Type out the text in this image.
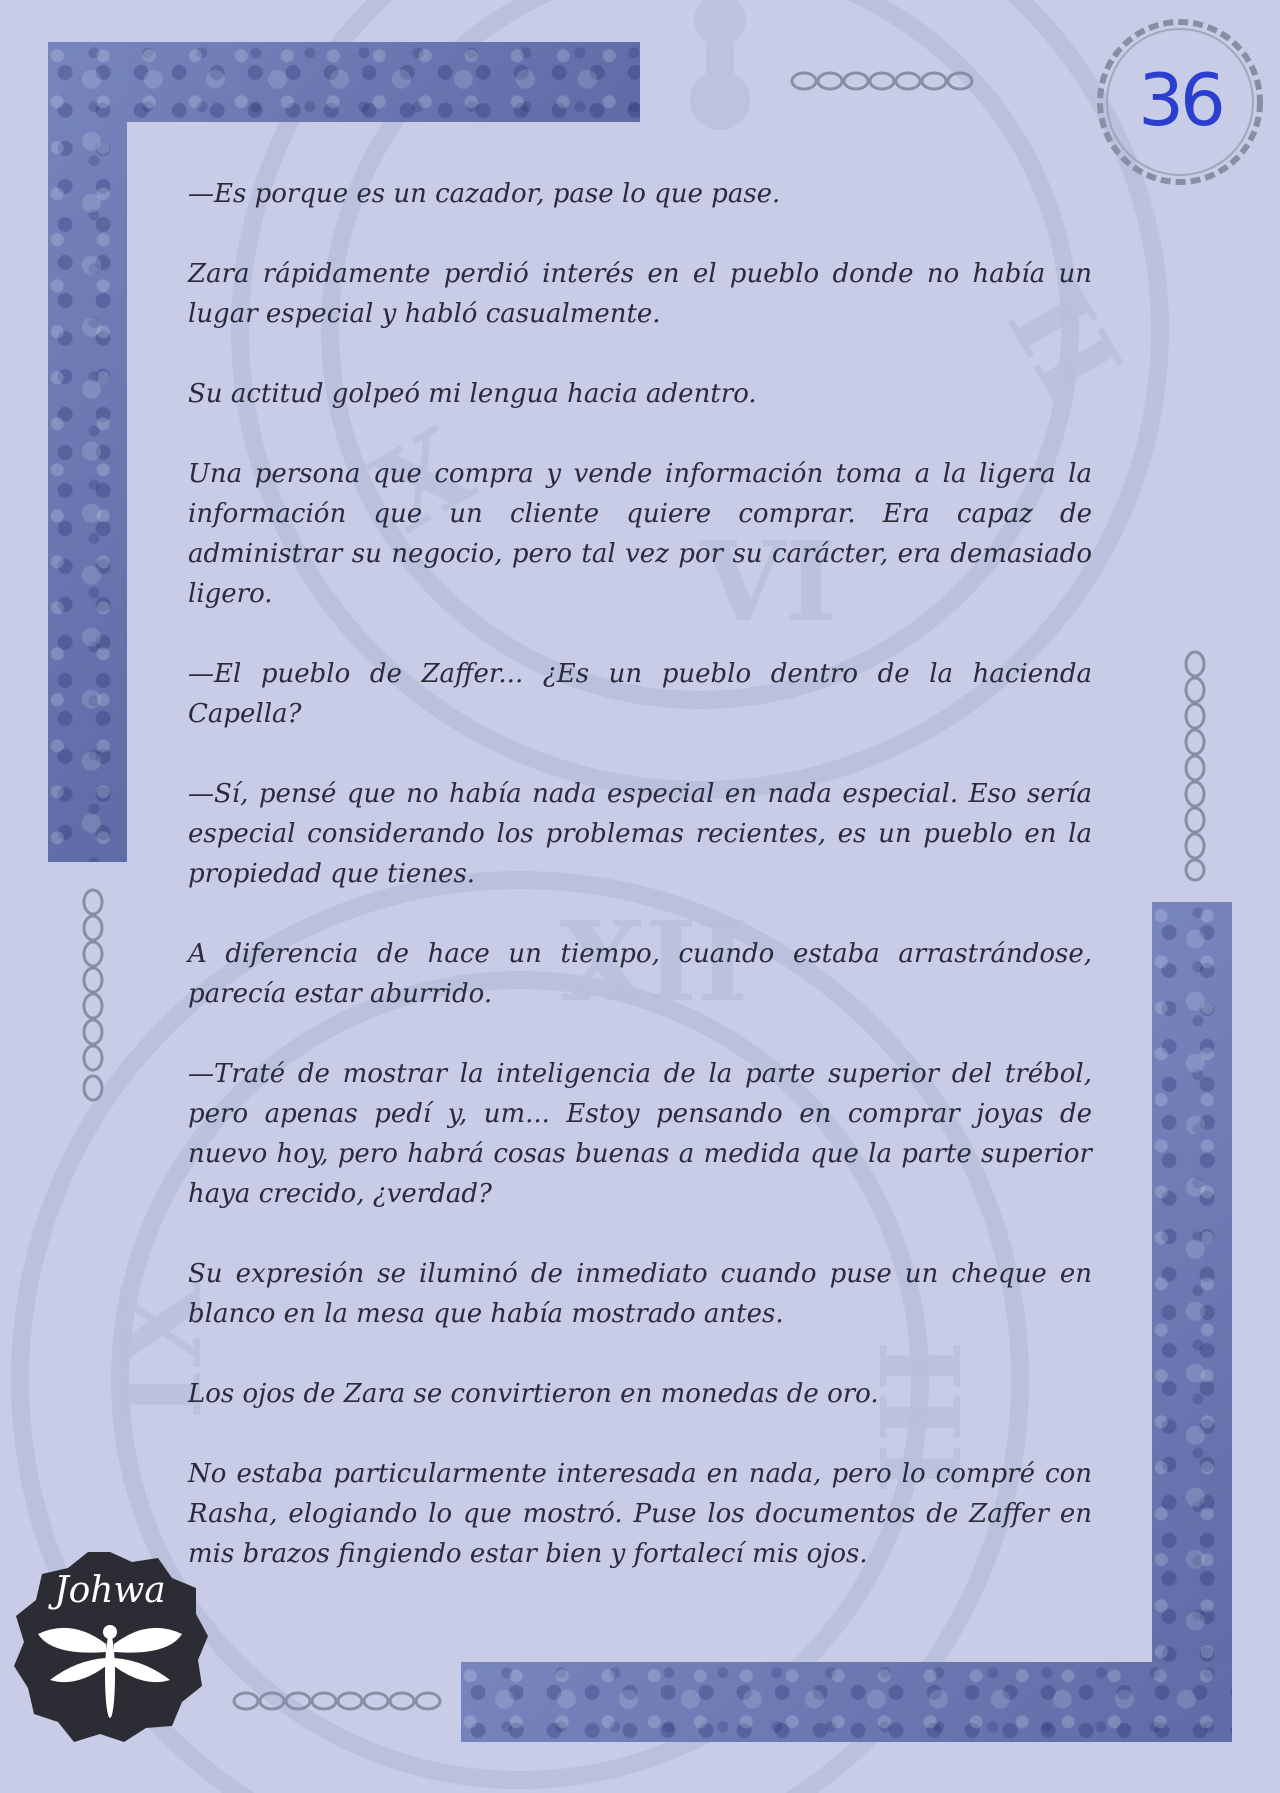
II
X
VI
IX
XII
III
36
Johwa

—Es porque es un cazador, pase lo que pase.

Zara rápidamente perdió interés en el pueblo donde no había un lugar especial y habló casualmente.

Su actitud golpeó mi lengua hacia adentro.

Una persona que compra y vende información toma a la ligera la información que un cliente quiere comprar. Era capaz de administrar su negocio, pero tal vez por su carácter, era demasiado ligero.

—El pueblo de Zaffer... ¿Es un pueblo dentro de la hacienda Capella?

—Sí, pensé que no había nada especial en nada especial. Eso sería especial considerando los problemas recientes, es un pueblo en la propiedad que tienes.

A diferencia de hace un tiempo, cuando estaba arrastrándose, parecía estar aburrido.

—Traté de mostrar la inteligencia de la parte superior del trébol, pero apenas pedí y, um... Estoy pensando en comprar joyas de nuevo hoy, pero habrá cosas buenas a medida que la parte superior haya crecido, ¿verdad?

Su expresión se iluminó de inmediato cuando puse un cheque en blanco en la mesa que había mostrado antes.

Los ojos de Zara se convirtieron en monedas de oro.

No estaba particularmente interesada en nada, pero lo compré con Rasha, elogiando lo que mostró. Puse los documentos de Zaffer en mis brazos fingiendo estar bien y fortalecí mis ojos.
